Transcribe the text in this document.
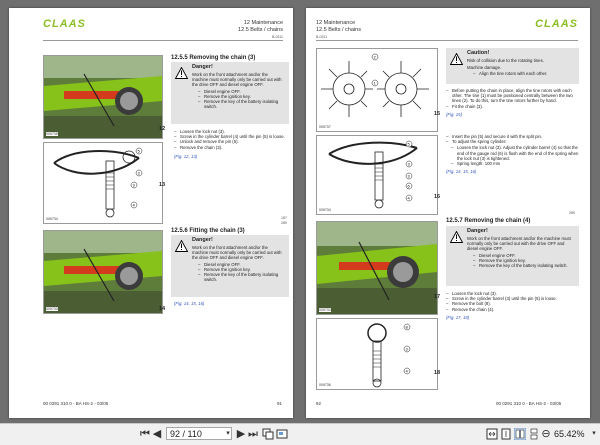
CLAAS	12 Maintenance
12.5 Belts / chains
B-0311
009735
12
5
3
3
4
009734
13
187
12.5.5 Removing the chain (3)
Danger!
Work on the front attachment and/or the machine must normally only be carried out with the drive OFF and diesel engine OFF.
– Diesel engine OFF.
– Remove the ignition key.
– Remove the key of the battery isolating switch.
– Loosen the lock nut (3).
– Screw in the cylinder barrel (4) until the pin (5) is loose.
– Unlock and remove the pin (5).
– Remove the chain (3).
(Fig. 12, 13)
289
12.5.6 Fitting the chain (3)
Danger!
Work on the front attachment and/or the machine must normally only be carried out with the drive OFF and diesel engine OFF.
– Diesel engine OFF.
– Remove the ignition key.
– Remove the key of the battery isolating switch.
(Fig. 14, 15, 16)
009733	14
00 0291 310 0 - BA HS-2 - 03/05	91
12 Maintenance
12.5 Belts / chains
B-0311
CLAAS
2
1
009737
15
5
3
3
6
4
009734
16
Caution!
Risk of collision due to the rotating tines.
Machine damage.
– Align the tine rotors with each other.
– Before putting the chain in place, align the tine rotors with each other. The tine (1) must be positioned centrally between the two tines (2). To do this, turn the tine rotors further by hand.
– Fit the chain (3).
(Fig. 15)
– Insert the pin (5) and secure it with the split pin.
– To adjust the spring cylinder:
– Loosen the lock nut (3). Adjust the cylinder barrel (4) so that the end of the gauge rod (6) is flush with the end of the spring when the lock nut (3) is tightened.
– Spring length: 100 mm
(Fig. 14, 15, 16)
289
12.5.7 Removing the chain (4)
Danger!
Work on the front attachment and/or the machine must normally only be carried out with the drive OFF and diesel engine OFF.
– Diesel engine OFF.
– Remove the ignition key.
– Remove the key of the battery isolating switch.
– Loosen the lock nut (3).
– Screw in the cylinder barrel (3) until the pin (5) is loose.
– Remove the bolt (8).
– Remove the chain (4).
(Fig. 17, 18)
009733
17
8
3
4
009736
18
92	00 0291 310 0 - BA HS-2 - 03/05
⏮ ◀ 92 / 110	▾ ▶ ⏭	⊖ 65.42%	▾
